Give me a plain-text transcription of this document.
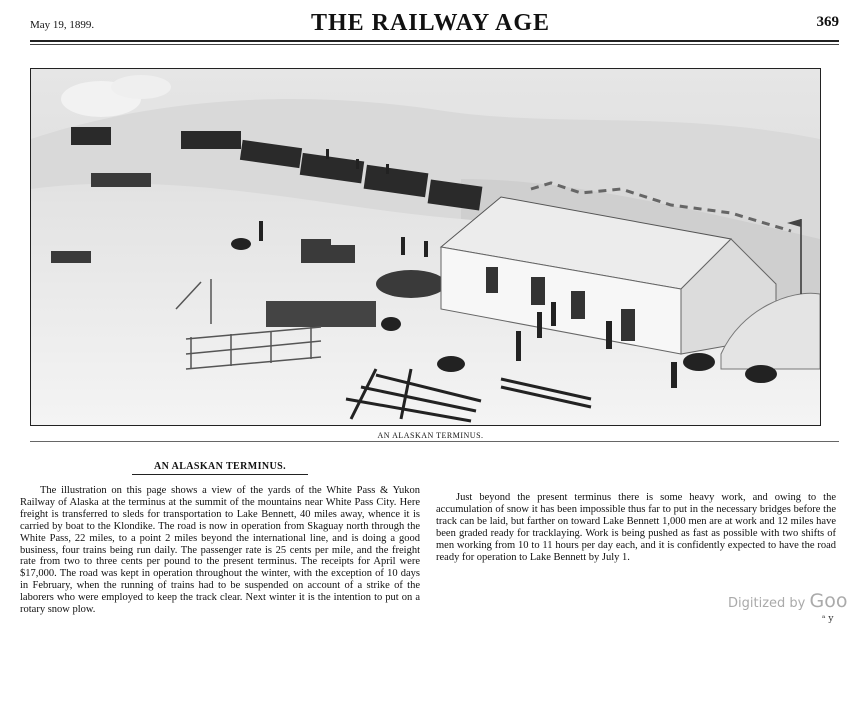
May 19, 1899.	THE RAILWAY AGE	369
AN ALASKAN TERMINUS.
AN ALASKAN TERMINUS.

The illustration on this page shows a view of the yards of the White Pass & Yukon Railway of Alaska at the terminus at the summit of the mountains near White Pass City. Here freight is transferred to sleds for transportation to Lake Bennett, 40 miles away, whence it is carried by boat to the Klondike. The road is now in operation from Skaguay north through the White Pass, 22 miles, to a point 2 miles beyond the international line, and is doing a good business, four trains being run daily. The passenger rate is 25 cents per mile, and the freight rate from two to three cents per pound to the present terminus. The receipts for April were $17,000. The road was kept in operation throughout the winter, with the exception of 10 days in February, when the running of trains had to be suspended on account of a strike of the laborers who were employed to keep the track clear. Next winter it is the intention to put on a rotary snow plow.

Just beyond the present terminus there is some heavy work, and owing to the accumulation of snow it has been impossible thus far to put in the necessary bridges before the track can be laid, but farther on toward Lake Bennett 1,000 men are at work and 12 miles have been graded ready for tracklaying. Work is being pushed as fast as possible with two shifts of men working from 10 to 11 hours per day each, and it is confidently expected to have the road ready for operation to Lake Bennett by July 1.

Digitized by Goo
ᵃ y
